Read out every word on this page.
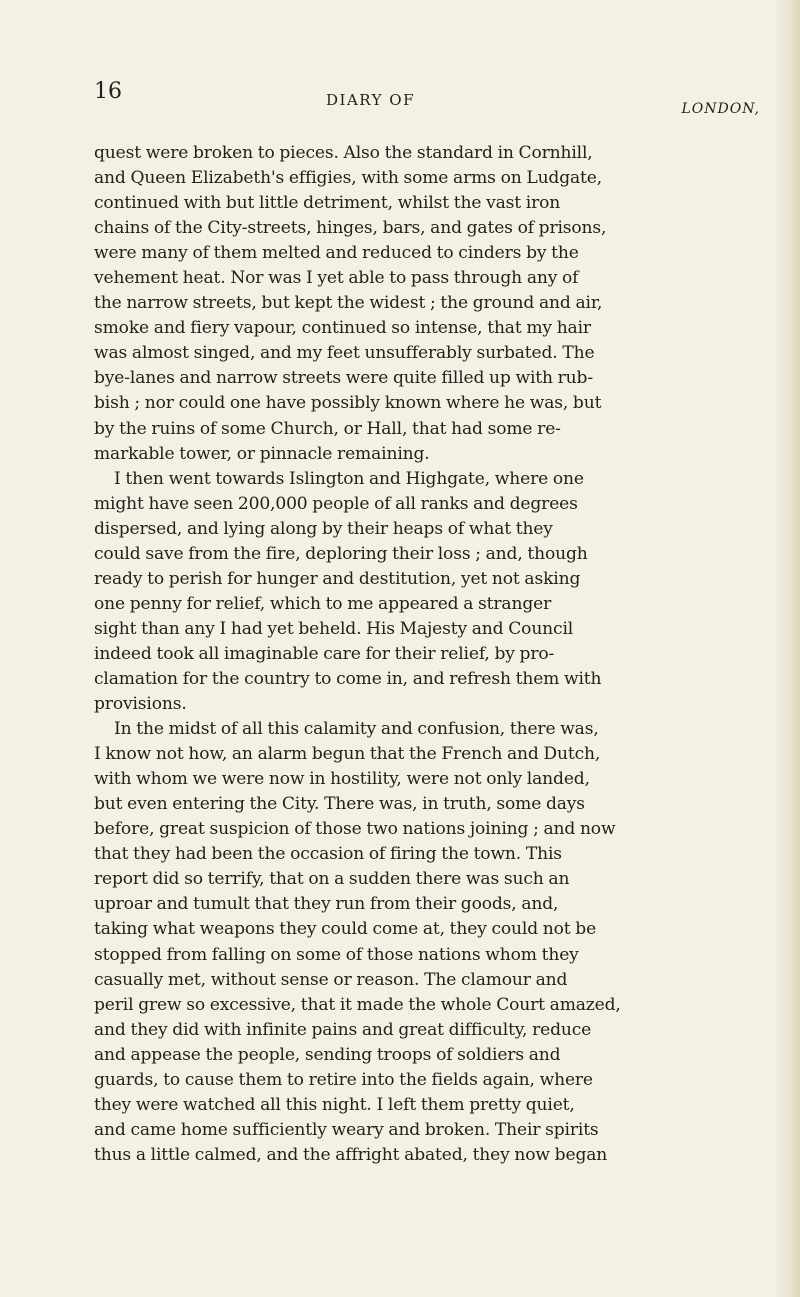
16	DIARY OF	LONDON,
quest were broken to pieces. Also the standard in Cornhill,
and Queen Elizabeth's effigies, with some arms on Ludgate,
continued with but little detriment, whilst the vast iron
chains of the City-streets, hinges, bars, and gates of prisons,
were many of them melted and reduced to cinders by the
vehement heat. Nor was I yet able to pass through any of
the narrow streets, but kept the widest ; the ground and air,
smoke and fiery vapour, continued so intense, that my hair
was almost singed, and my feet unsufferably surbated. The
bye-lanes and narrow streets were quite filled up with rub-
bish ; nor could one have possibly known where he was, but
by the ruins of some Church, or Hall, that had some re-
markable tower, or pinnacle remaining.
I then went towards Islington and Highgate, where one
might have seen 200,000 people of all ranks and degrees
dispersed, and lying along by their heaps of what they
could save from the fire, deploring their loss ; and, though
ready to perish for hunger and destitution, yet not asking
one penny for relief, which to me appeared a stranger
sight than any I had yet beheld. His Majesty and Council
indeed took all imaginable care for their relief, by pro-
clamation for the country to come in, and refresh them with
provisions.
In the midst of all this calamity and confusion, there was,
I know not how, an alarm begun that the French and Dutch,
with whom we were now in hostility, were not only landed,
but even entering the City. There was, in truth, some days
before, great suspicion of those two nations joining ; and now
that they had been the occasion of firing the town. This
report did so terrify, that on a sudden there was such an
uproar and tumult that they run from their goods, and,
taking what weapons they could come at, they could not be
stopped from falling on some of those nations whom they
casually met, without sense or reason. The clamour and
peril grew so excessive, that it made the whole Court amazed,
and they did with infinite pains and great difficulty, reduce
and appease the people, sending troops of soldiers and
guards, to cause them to retire into the fields again, where
they were watched all this night. I left them pretty quiet,
and came home sufficiently weary and broken. Their spirits
thus a little calmed, and the affright abated, they now began
